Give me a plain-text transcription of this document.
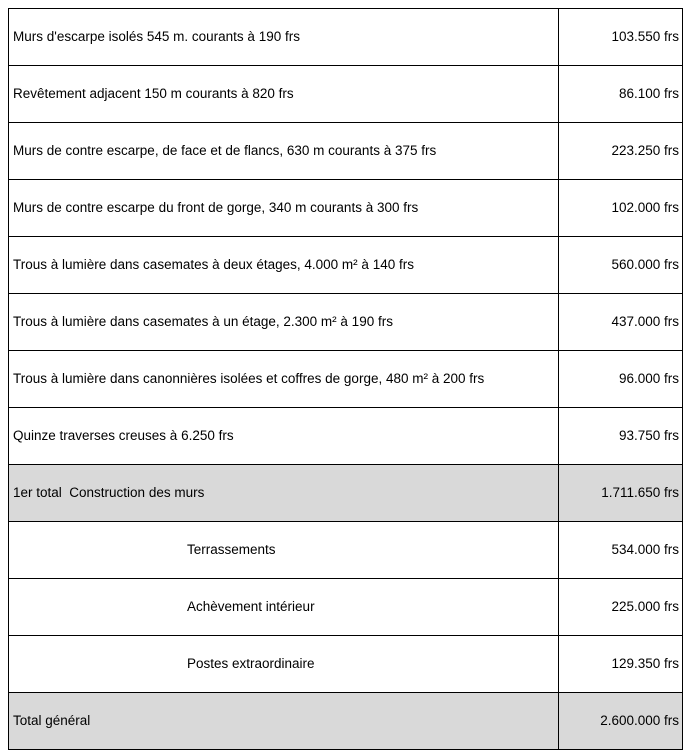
Murs d'escarpe isolés 545 m. courants à 190 frs	103.550 frs
Revêtement adjacent 150 m courants à 820 frs	86.100 frs
Murs de contre escarpe, de face et de flancs, 630 m courants à 375 frs	223.250 frs
Murs de contre escarpe du front de gorge, 340 m courants à 300 frs	102.000 frs
Trous à lumière dans casemates à deux étages, 4.000 m² à 140 frs	560.000 frs
Trous à lumière dans casemates à un étage, 2.300 m² à 190 frs	437.000 frs
Trous à lumière dans canonnières isolées et coffres de gorge, 480 m² à 200 frs	96.000 frs
Quinze traverses creuses à 6.250 frs	93.750 frs
1er total  Construction des murs	1.711.650 frs
Terrassements	534.000 frs
Achèvement intérieur	225.000 frs
Postes extraordinaire	129.350 frs
Total général	2.600.000 frs
